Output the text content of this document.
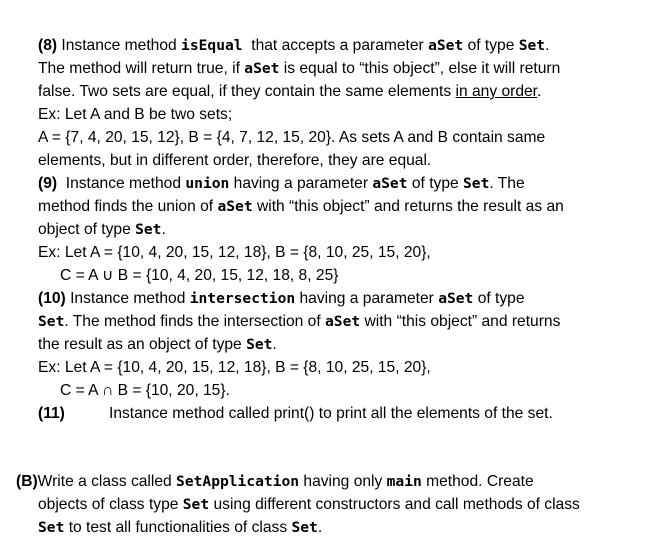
(8) Instance method isEqual that accepts a parameter aSet of type Set.
The method will return true, if aSet is equal to “this object”, else it will return
false. Two sets are equal, if they contain the same elements in any order.
Ex: Let A and B be two sets;
A = {7, 4, 20, 15, 12}, B = {4, 7, 12, 15, 20}. As sets A and B contain same
elements, but in different order, therefore, they are equal.
(9) Instance method union having a parameter aSet of type Set. The
method finds the union of aSet with “this object” and returns the result as an
object of type Set.
Ex: Let A = {10, 4, 20, 15, 12, 18}, B = {8, 10, 25, 15, 20},
C = A ∪ B = {10, 4, 20, 15, 12, 18, 8, 25}
(10) Instance method intersection having a parameter aSet of type
Set. The method finds the intersection of aSet with “this object” and returns
the result as an object of type Set.
Ex: Let A = {10, 4, 20, 15, 12, 18}, B = {8, 10, 25, 15, 20},
C = A ∩ B = {10, 20, 15}.
(11)	Instance method called print() to print all the elements of the set.
(B)Write a class called SetApplication having only main method. Create
objects of class type Set using different constructors and call methods of class
Set to test all functionalities of class Set.
